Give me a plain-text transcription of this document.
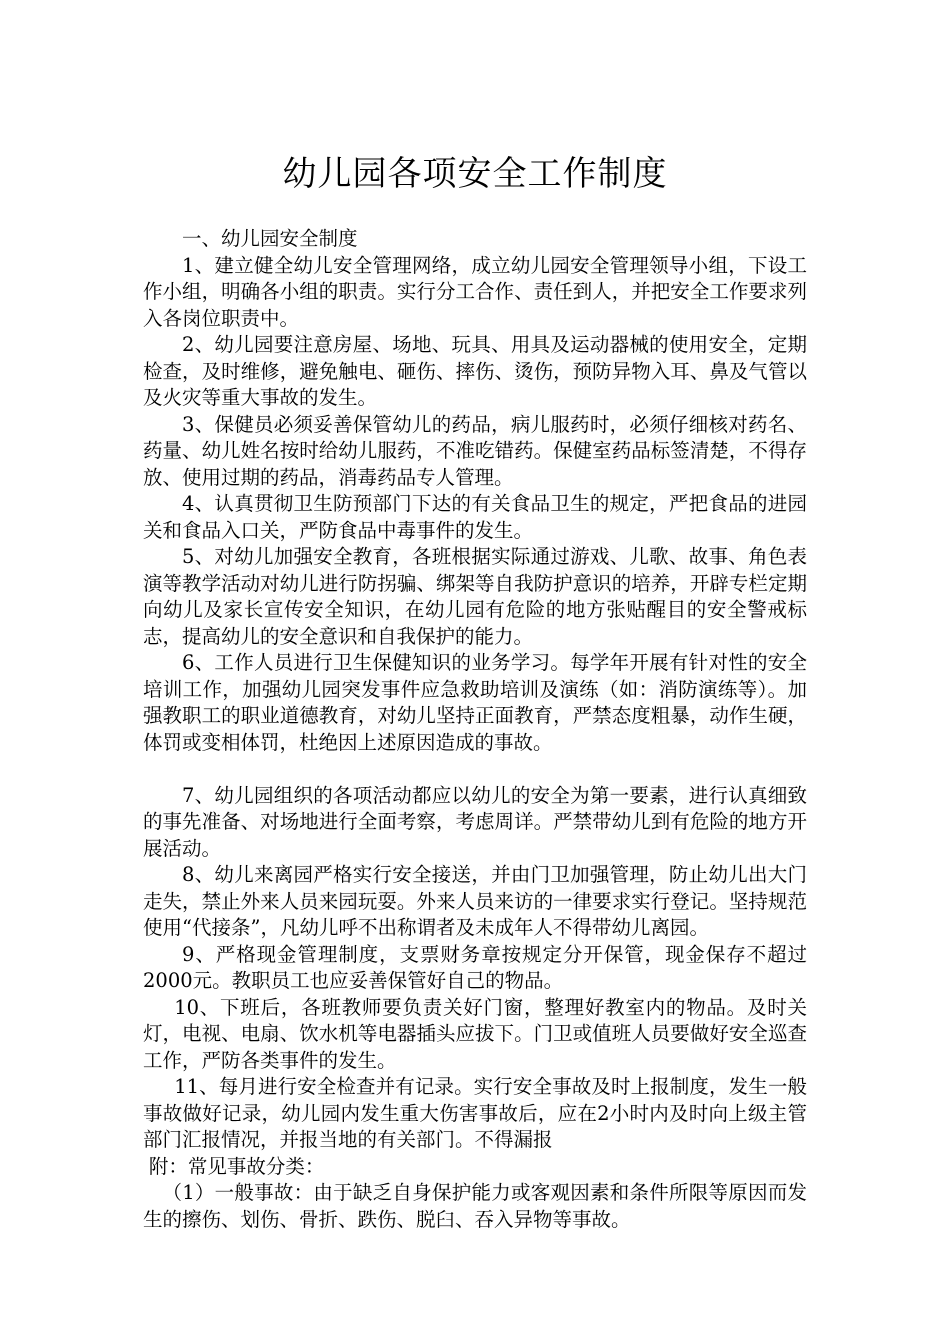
幼儿园各项安全工作制度

一、幼儿园安全制度

1、建立健全幼儿安全管理网络，成立幼儿园安全管理领导小组，下设工作小组，明确各小组的职责。实行分工合作、责任到人，并把安全工作要求列入各岗位职责中。

2、幼儿园要注意房屋、场地、玩具、用具及运动器械的使用安全，定期检查，及时维修，避免触电、砸伤、摔伤、烫伤，预防异物入耳、鼻及气管以及火灾等重大事故的发生。

3、保健员必须妥善保管幼儿的药品，病儿服药时，必须仔细核对药名、药量、幼儿姓名按时给幼儿服药，不准吃错药。保健室药品标签清楚，不得存放、使用过期的药品，消毒药品专人管理。

4、认真贯彻卫生防预部门下达的有关食品卫生的规定，严把食品的进园关和食品入口关，严防食品中毒事件的发生。

5、对幼儿加强安全教育，各班根据实际通过游戏、儿歌、故事、角色表演等教学活动对幼儿进行防拐骗、绑架等自我防护意识的培养，开辟专栏定期向幼儿及家长宣传安全知识，在幼儿园有危险的地方张贴醒目的安全警戒标志，提高幼儿的安全意识和自我保护的能力。

6、工作人员进行卫生保健知识的业务学习。每学年开展有针对性的安全培训工作，加强幼儿园突发事件应急救助培训及演练（如：消防演练等）。加强教职工的职业道德教育，对幼儿坚持正面教育，严禁态度粗暴，动作生硬，体罚或变相体罚，杜绝因上述原因造成的事故。

7、幼儿园组织的各项活动都应以幼儿的安全为第一要素，进行认真细致的事先准备、对场地进行全面考察，考虑周详。严禁带幼儿到有危险的地方开展活动。

8、幼儿来离园严格实行安全接送，并由门卫加强管理，防止幼儿出大门走失，禁止外来人员来园玩耍。外来人员来访的一律要求实行登记。坚持规范使用“代接条”，凡幼儿呼不出称谓者及未成年人不得带幼儿离园。

9、严格现金管理制度，支票财务章按规定分开保管，现金保存不超过2000元。教职员工也应妥善保管好自己的物品。

10、下班后，各班教师要负责关好门窗，整理好教室内的物品。及时关灯，电视、电扇、饮水机等电器插头应拔下。门卫或值班人员要做好安全巡查工作，严防各类事件的发生。

11、每月进行安全检查并有记录。实行安全事故及时上报制度，发生一般事故做好记录，幼儿园内发生重大伤害事故后，应在2小时内及时向上级主管部门汇报情况，并报当地的有关部门。不得漏报

附：常见事故分类：

（1）一般事故：由于缺乏自身保护能力或客观因素和条件所限等原因而发生的擦伤、划伤、骨折、跌伤、脱臼、吞入异物等事故。
